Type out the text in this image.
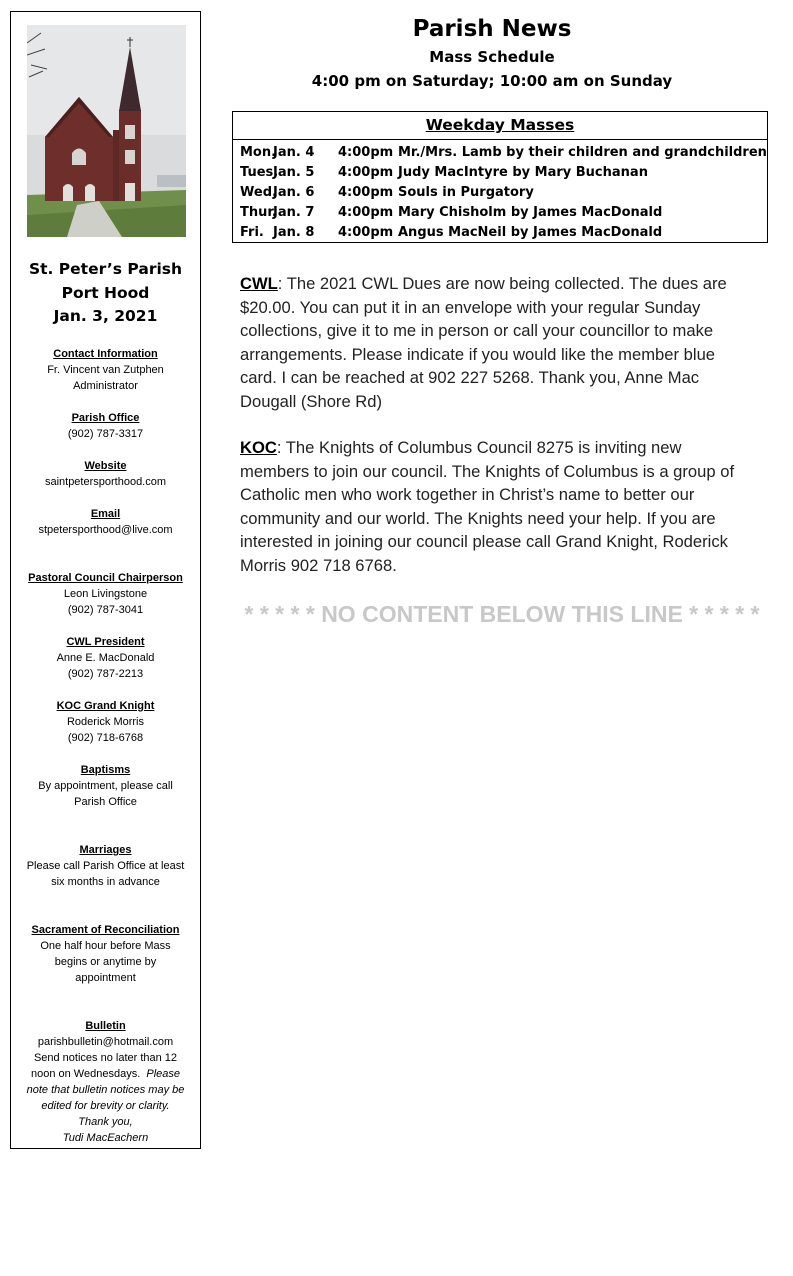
St. Peter’s Parish
Port Hood
Jan. 3, 2021
Contact Information
Fr. Vincent van Zutphen
Administrator
Parish Office
(902) 787-3317
Website
saintpetersporthood.com
Email
stpetersporthood@live.com
Pastoral Council Chairperson
Leon Livingstone
(902) 787-3041
CWL President
Anne E. MacDonald
(902) 787-2213
KOC Grand Knight
Roderick Morris
(902) 718-6768
Baptisms
By appointment, please call
Parish Office
Marriages
Please call Parish Office at least
six months in advance
Sacrament of Reconciliation
One half hour before Mass
begins or anytime by
appointment
Bulletin
parishbulletin@hotmail.com
Send notices no later than 12
noon on Wednesdays. Please
note that bulletin notices may be
edited for brevity or clarity.
Thank you,
Tudi MacEachern
Parish News
Mass Schedule
4:00 pm on Saturday; 10:00 am on Sunday
Weekday Masses
Mon.
Jan. 4 4:00pm Mr./Mrs. Lamb by their children and grandchildren
Tues.
Jan. 5 4:00pm Judy MacIntyre by Mary Buchanan
Wed.
Jan. 6 4:00pm Souls in Purgatory
Thur.
Jan. 7 4:00pm Mary Chisholm by James MacDonald
Fri. Jan. 8 4:00pm Angus MacNeil by James MacDonald
CWL: The 2021 CWL Dues are now being collected. The dues are $20.00. You can put it in an envelope with your regular Sunday collections, give it to me in person or call your councillor to make arrangements. Please indicate if you would like the member blue card. I can be reached at 902 227 5268. Thank you, Anne Mac Dougall (Shore Rd)
KOC: The Knights of Columbus Council 8275 is inviting new members to join our council. The Knights of Columbus is a group of Catholic men who work together in Christ’s name to better our community and our world. The Knights need your help. If you are interested in joining our council please call Grand Knight, Roderick Morris 902 718 6768.
* * * * * NO CONTENT BELOW THIS LINE * * * * *
